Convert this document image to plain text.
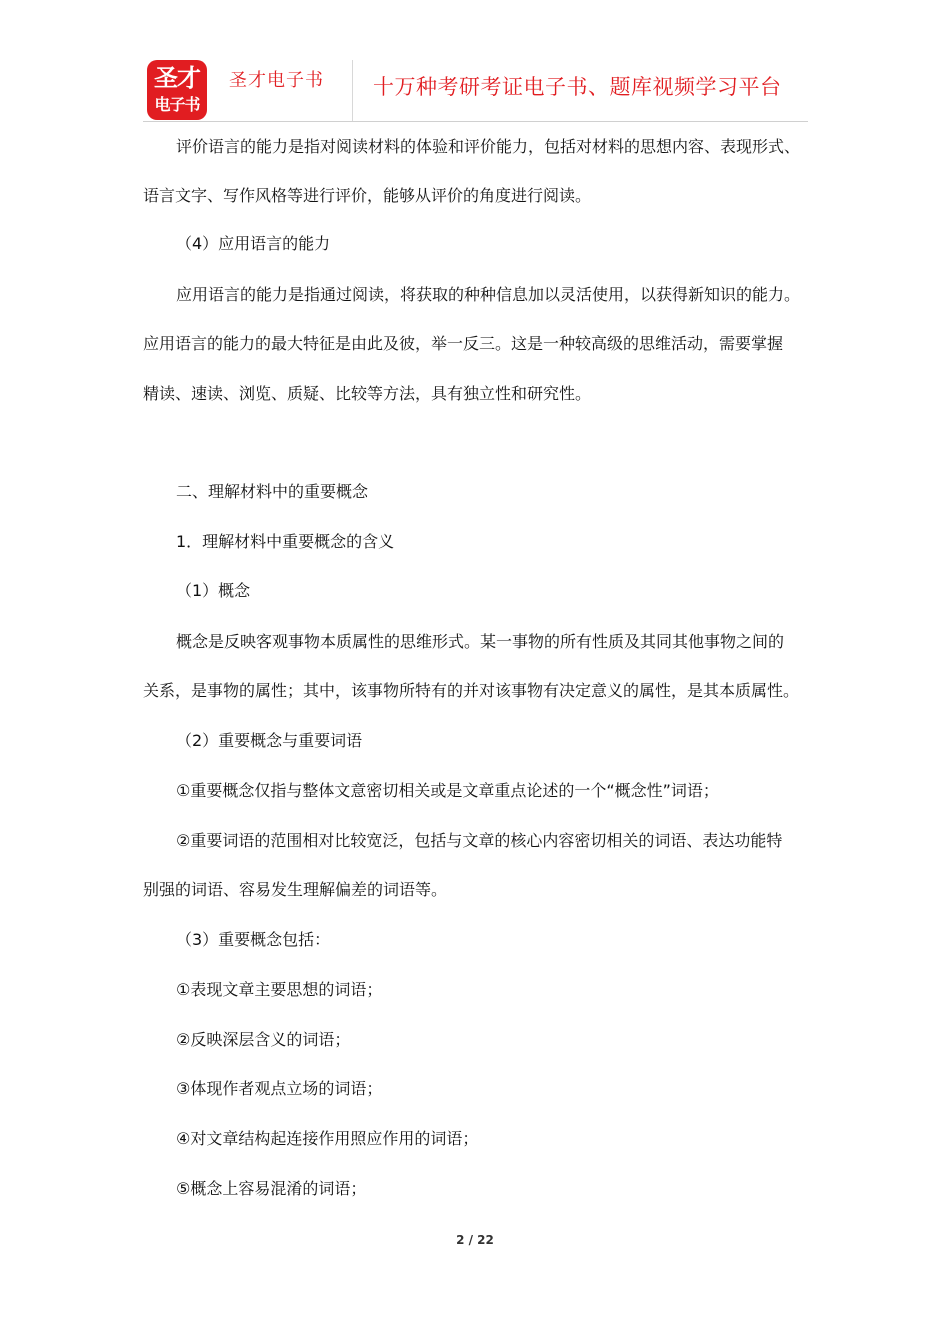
圣才
电子书
圣才电子书 十万种考研考证电子书、题库视频学习平台

评价语言的能力是指对阅读材料的体验和评价能力，包括对材料的思想内容、表现形式、

语言文字、写作风格等进行评价，能够从评价的角度进行阅读。

（4）应用语言的能力

应用语言的能力是指通过阅读，将获取的种种信息加以灵活使用，以获得新知识的能力。

应用语言的能力的最大特征是由此及彼，举一反三。这是一种较高级的思维活动，需要掌握

精读、速读、浏览、质疑、比较等方法，具有独立性和研究性。

二、理解材料中的重要概念

1．理解材料中重要概念的含义

（1）概念

概念是反映客观事物本质属性的思维形式。某一事物的所有性质及其同其他事物之间的

关系，是事物的属性；其中，该事物所特有的并对该事物有决定意义的属性，是其本质属性。

（2）重要概念与重要词语

①重要概念仅指与整体文意密切相关或是文章重点论述的一个“概念性”词语；

②重要词语的范围相对比较宽泛，包括与文章的核心内容密切相关的词语、表达功能特

别强的词语、容易发生理解偏差的词语等。

（3）重要概念包括：

①表现文章主要思想的词语；

②反映深层含义的词语；

③体现作者观点立场的词语；

④对文章结构起连接作用照应作用的词语；

⑤概念上容易混淆的词语；

2 / 22
